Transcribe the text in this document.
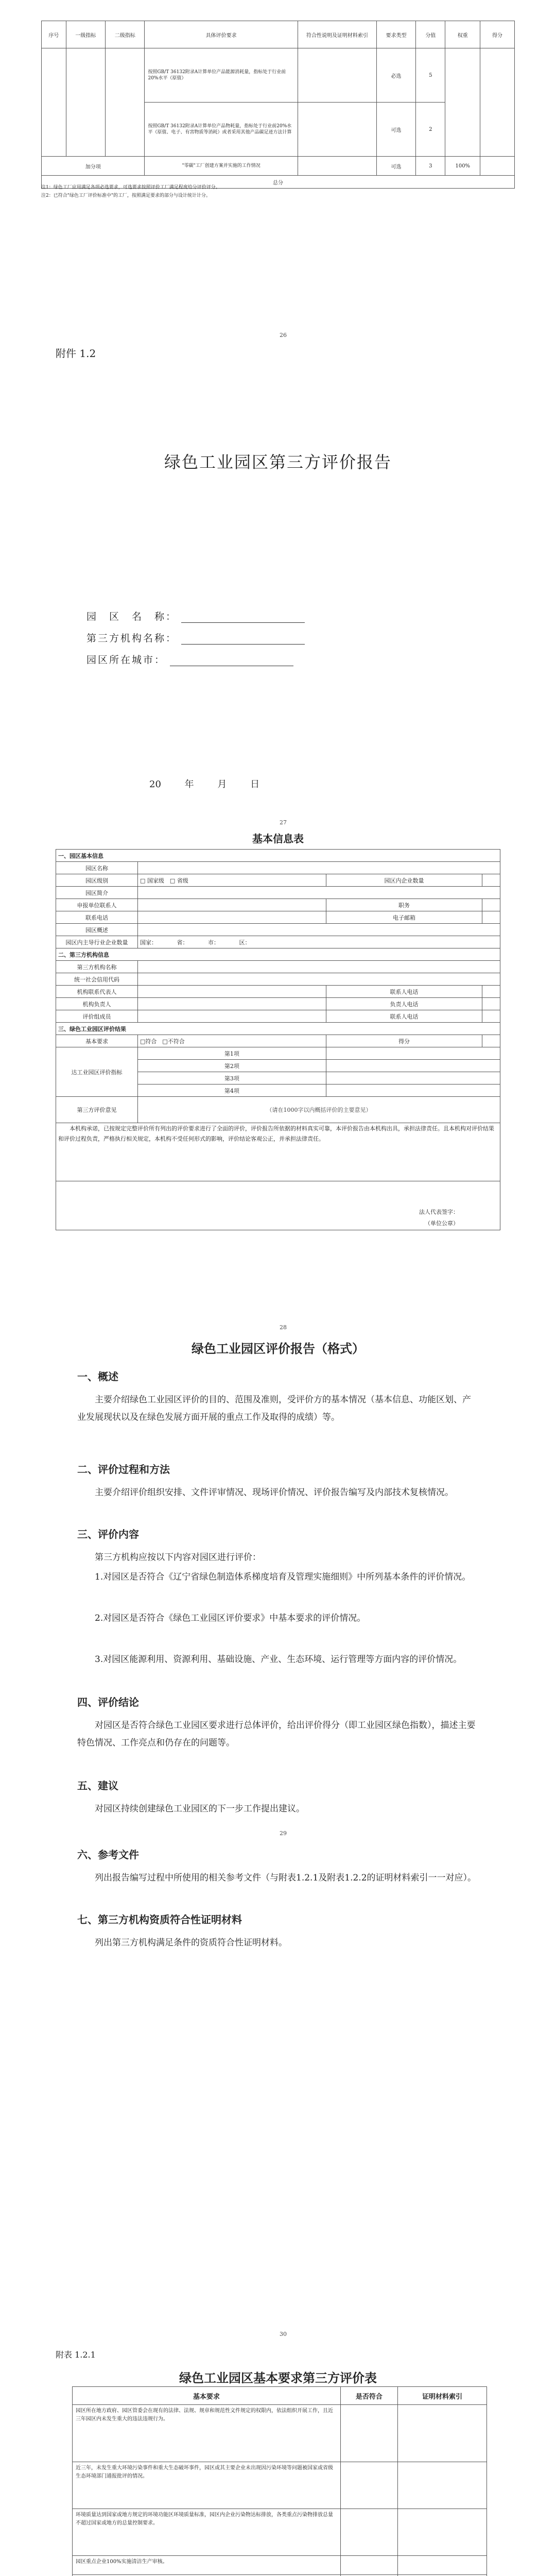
序号	一级指标	二级指标	具体评价要求	符合性说明及证明材料索引	要求类型	分值	权重	得分
			按照GB/T 36132附录A计算单位产品能源消耗量，指标处于行业前20%水平（原值）		必选	5		
			按照GB/T 36132附录A计算单位产品物耗量，指标处于行业前20%水平（原值、电子、有害物质等消耗）或者采用其他产品碳足迹方法计算		可选	2		
加分项			"零碳"工厂创建方案并实施的工作情况		可选	3	100%	
总分								
注1：绿色工厂应用满足各项必选要求，可选要求按照评价工厂满足程度给分评价评分。
注2：已符合"绿色工厂评价标准中"的工厂，按照满足要求的部分与设计统计计分。
26
附件 1.2
绿色工业园区第三方评价报告
园　区　名　称：
第三方机构名称：
园区所在城市：
20 年 月 日
27
基本信息表
一、园区基本信息			
园区名称			
园区级别	□ 国家级　□ 省级	园区内企业数量	
园区简介			
申报单位联系人		职务	
联系电话		电子邮箱	
园区概述			
园区内主导行业企业数量	国家：　　　　省：　　　　市：　　　　区：		
二、第三方机构信息			
第三方机构名称			
统一社会信用代码			
机构联系代表人		联系人电话	
机构负责人		负责人电话	
评价组成员		联系人电话	
三、绿色工业园区评价结果			
基本要求	□符合　□不符合	得分	
达工业园区评价指标	第1项		
	第2项		
	第3项		
	第4项		
第三方评价意见	（请在1000字以内概括评价的主要意见）		

本机构承诺，已按规定完整评价所有列出的评价要求进行了全面的评价，评价报告所依据的材料真实可靠，本评价报告由本机构出具，承担法律责任。且本机构对评价结果和评价过程负责，严格执行相关规定，本机构不受任何形式的影响，评价结论客观公正，并承担法律责任。			

法人代表签字：
（单位公章）			
28
绿色工业园区评价报告（格式）
一、概述
主要介绍绿色工业园区评价的目的、范围及准则，受评价方的基本情况（基本信息、功能区划、产业发展现状以及在绿色发展方面开展的重点工作及取得的成绩）等。
二、评价过程和方法
主要介绍评价组织安排、文件评审情况、现场评价情况、评价报告编写及内部技术复核情况。
三、评价内容
第三方机构应按以下内容对园区进行评价：
1.对园区是否符合《辽宁省绿色制造体系梯度培育及管理实施细则》中所列基本条件的评价情况。
2.对园区是否符合《绿色工业园区评价要求》中基本要求的评价情况。
3.对园区能源利用、资源利用、基础设施、产业、生态环境、运行管理等方面内容的评价情况。
四、评价结论
对园区是否符合绿色工业园区要求进行总体评价，给出评价得分（即工业园区绿色指数），描述主要特色情况、工作亮点和仍存在的问题等。
五、建议
对园区持续创建绿色工业园区的下一步工作提出建议。
29
六、参考文件
列出报告编写过程中所使用的相关参考文件（与附表1.2.1及附表1.2.2的证明材料索引一一对应）。
七、第三方机构资质符合性证明材料
列出第三方机构满足条件的资质符合性证明材料。
30
附表 1.2.1
绿色工业园区基本要求第三方评价表
基本要求	是否符合	证明材料索引
园区所在地方政府、园区管委会在现有的法律、法规、规章和规范性文件规定的权限内，依法组织开展工作，且近三年园区内未发生重大的违法违规行为。		
近三年，未发生重大环境污染事件和重大生态破坏事件，园区或其主要企业未出现因污染环境等问题被国家或省级生态环境部门通报批评的情况。		
环境质量达到国家或地方规定的环境功能区环境质量标准，园区内企业污染物达标排放，各类重点污染物排放总量不超过国家或地方的总量控制要求。		
园区重点企业100%实施清洁生产审核。		
